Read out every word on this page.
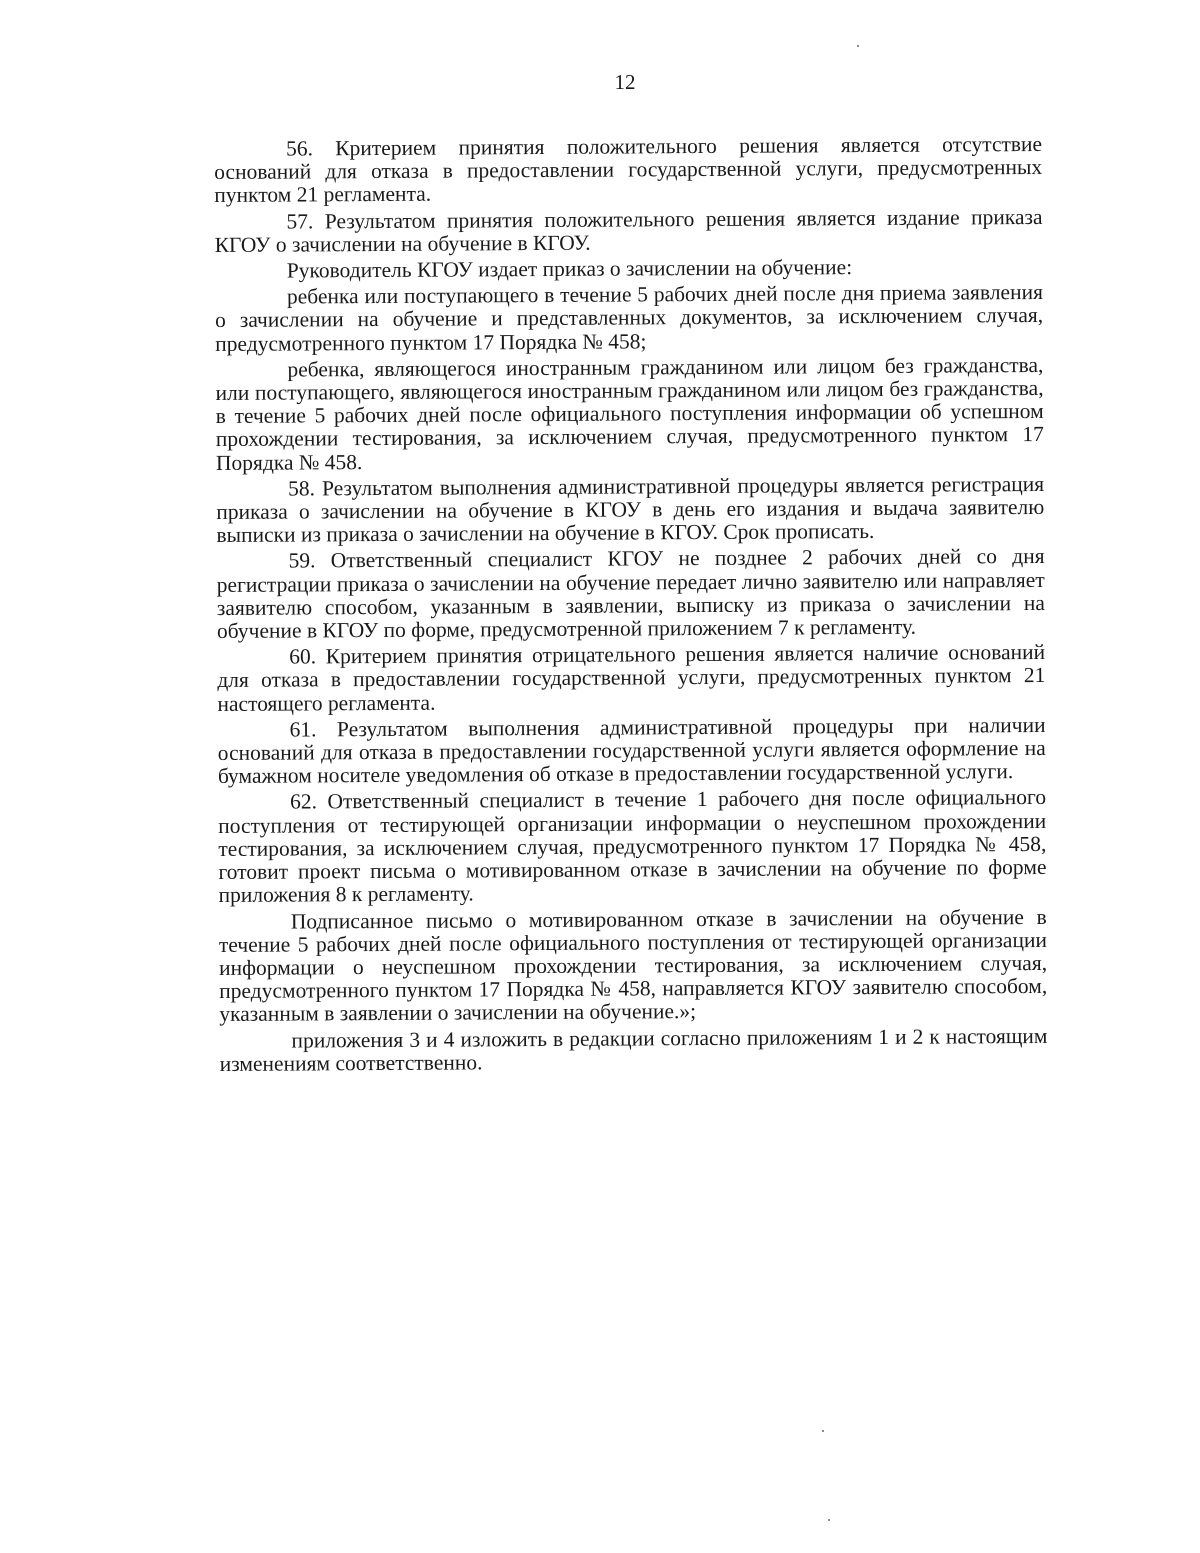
12

56. Критерием принятия положительного решения является отсутствие оснований для отказа в предоставлении государственной услуги, предусмотренных пунктом 21 регламента.

57. Результатом принятия положительного решения является издание приказа КГОУ о зачислении на обучение в КГОУ.

Руководитель КГОУ издает приказ о зачислении на обучение:

ребенка или поступающего в течение 5 рабочих дней после дня приема заявления о зачислении на обучение и представленных документов, за исключением случая, предусмотренного пунктом 17 Порядка № 458;

ребенка, являющегося иностранным гражданином или лицом без гражданства, или поступающего, являющегося иностранным гражданином или лицом без гражданства, в течение 5 рабочих дней после официального поступления информации об успешном прохождении тестирования, за исключением случая, предусмотренного пунктом 17 Порядка № 458.

58. Результатом выполнения административной процедуры является регистрация приказа о зачислении на обучение в КГОУ в день его издания и выдача заявителю выписки из приказа о зачислении на обучение в КГОУ. Срок прописать.

59. Ответственный специалист КГОУ не позднее 2 рабочих дней со дня регистрации приказа о зачислении на обучение передает лично заявителю или направляет заявителю способом, указанным в заявлении, выписку из приказа о зачислении на обучение в КГОУ по форме, предусмотренной приложением 7 к регламенту.

60. Критерием принятия отрицательного решения является наличие оснований для отказа в предоставлении государственной услуги, предусмотренных пунктом 21 настоящего регламента.

61. Результатом выполнения административной процедуры при наличии оснований для отказа в предоставлении государственной услуги является оформление на бумажном носителе уведомления об отказе в предоставлении государственной услуги.

62. Ответственный специалист в течение 1 рабочего дня после официального поступления от тестирующей организации информации о неуспешном прохождении тестирования, за исключением случая, предусмотренного пунктом 17 Порядка № 458, готовит проект письма о мотивированном отказе в зачислении на обучение по форме приложения 8 к регламенту.

Подписанное письмо о мотивированном отказе в зачислении на обучение в течение 5 рабочих дней после официального поступления от тестирующей организации информации о неуспешном прохождении тестирования, за исключением случая, предусмотренного пунктом 17 Порядка № 458, направляется КГОУ заявителю способом, указанным в заявлении о зачислении на обучение.»;

приложения 3 и 4 изложить в редакции согласно приложениям 1 и 2 к настоящим изменениям соответственно.
